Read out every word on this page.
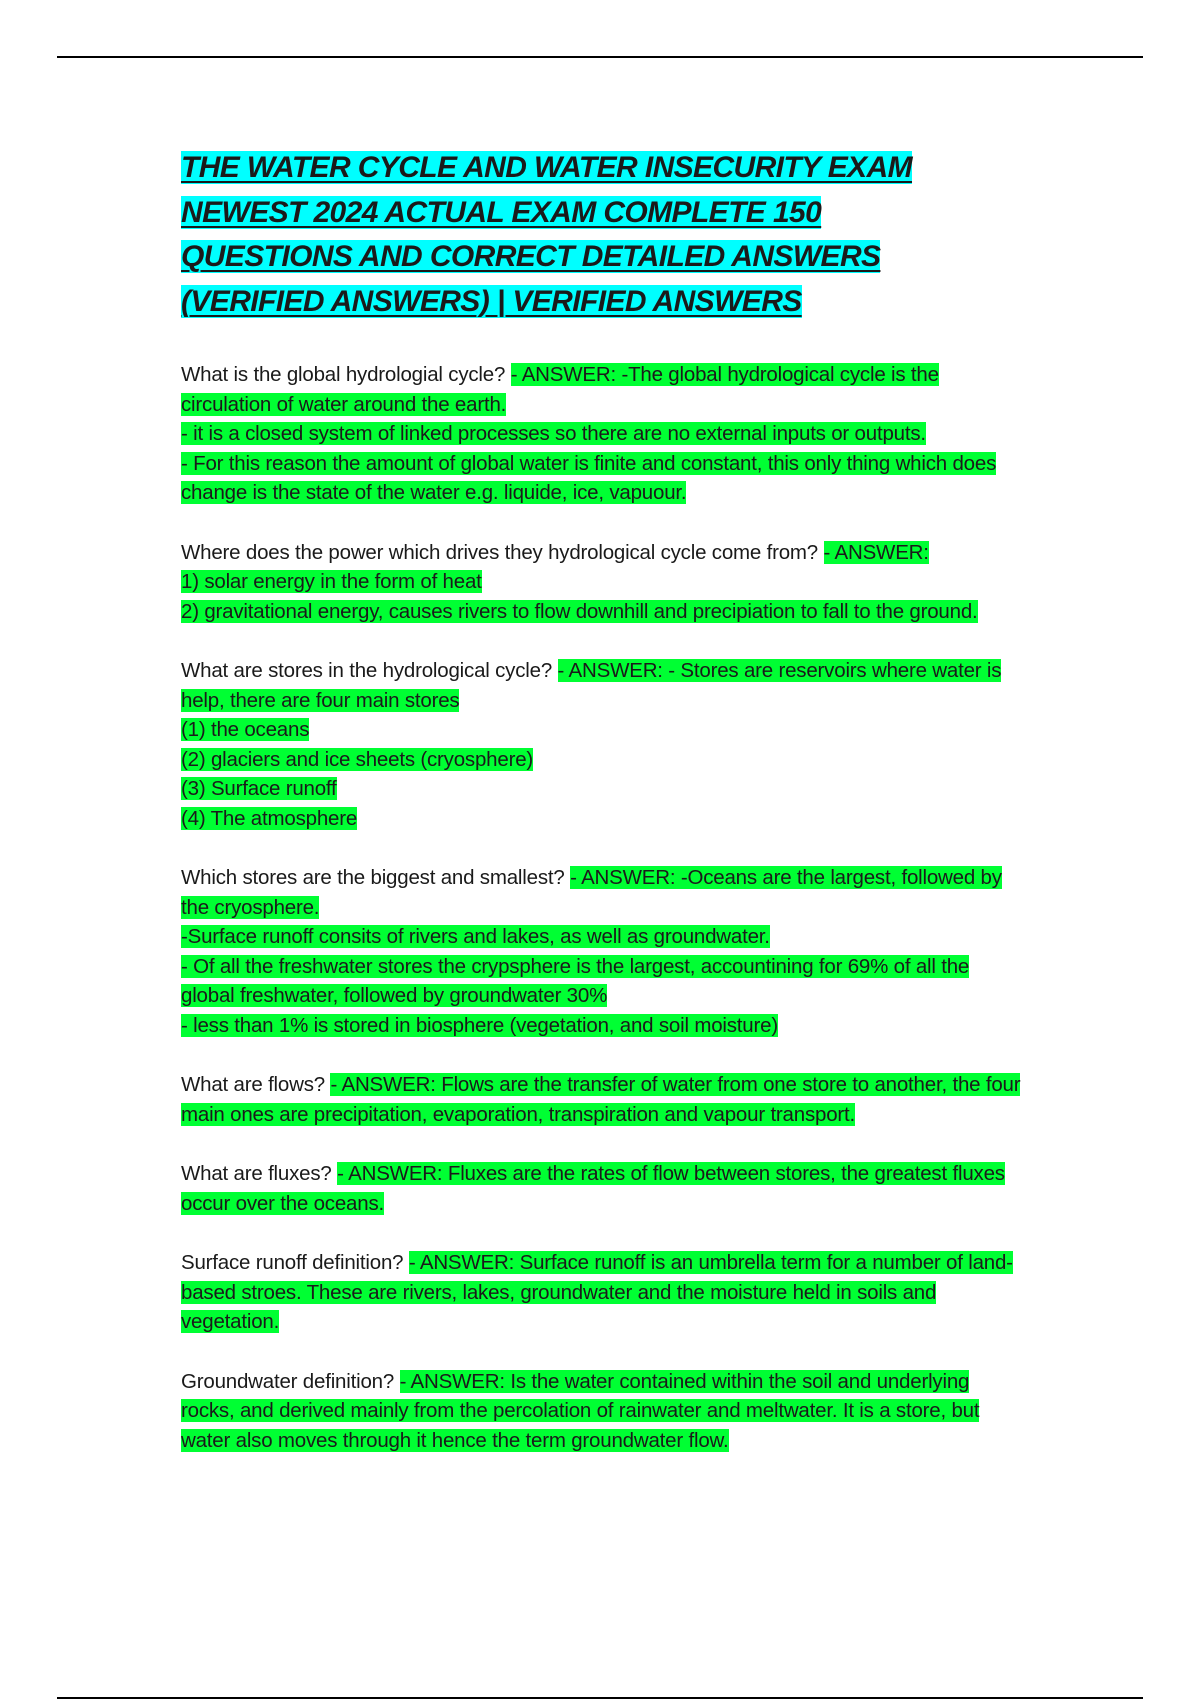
THE WATER CYCLE AND WATER INSECURITY EXAM
NEWEST 2024 ACTUAL EXAM COMPLETE 150
QUESTIONS AND CORRECT DETAILED ANSWERS
(VERIFIED ANSWERS) | VERIFIED ANSWERS

What is the global hydrologial cycle? - ANSWER: -The global hydrological cycle is the circulation of water around the earth.
- it is a closed system of linked processes so there are no external inputs or outputs.
- For this reason the amount of global water is finite and constant, this only thing which does change is the state of the water e.g. liquide, ice, vapuour.

Where does the power which drives they hydrological cycle come from? - ANSWER:
1) solar energy in the form of heat
2) gravitational energy, causes rivers to flow downhill and precipiation to fall to the ground.

What are stores in the hydrological cycle? - ANSWER: - Stores are reservoirs where water is help, there are four main stores
(1) the oceans
(2) glaciers and ice sheets (cryosphere)
(3) Surface runoff
(4) The atmosphere

Which stores are the biggest and smallest? - ANSWER: -Oceans are the largest, followed by the cryosphere.
-Surface runoff consits of rivers and lakes, as well as groundwater.
- Of all the freshwater stores the crypsphere is the largest, accountining for 69% of all the global freshwater, followed by groundwater 30%
- less than 1% is stored in biosphere (vegetation, and soil moisture)

What are flows? - ANSWER: Flows are the transfer of water from one store to another, the four main ones are precipitation, evaporation, transpiration and vapour transport.

What are fluxes? - ANSWER: Fluxes are the rates of flow between stores, the greatest fluxes occur over the oceans.

Surface runoff definition? - ANSWER: Surface runoff is an umbrella term for a number of land-based stroes. These are rivers, lakes, groundwater and the moisture held in soils and vegetation.

Groundwater definition? - ANSWER: Is the water contained within the soil and underlying rocks, and derived mainly from the percolation of rainwater and meltwater. It is a store, but water also moves through it hence the term groundwater flow.
